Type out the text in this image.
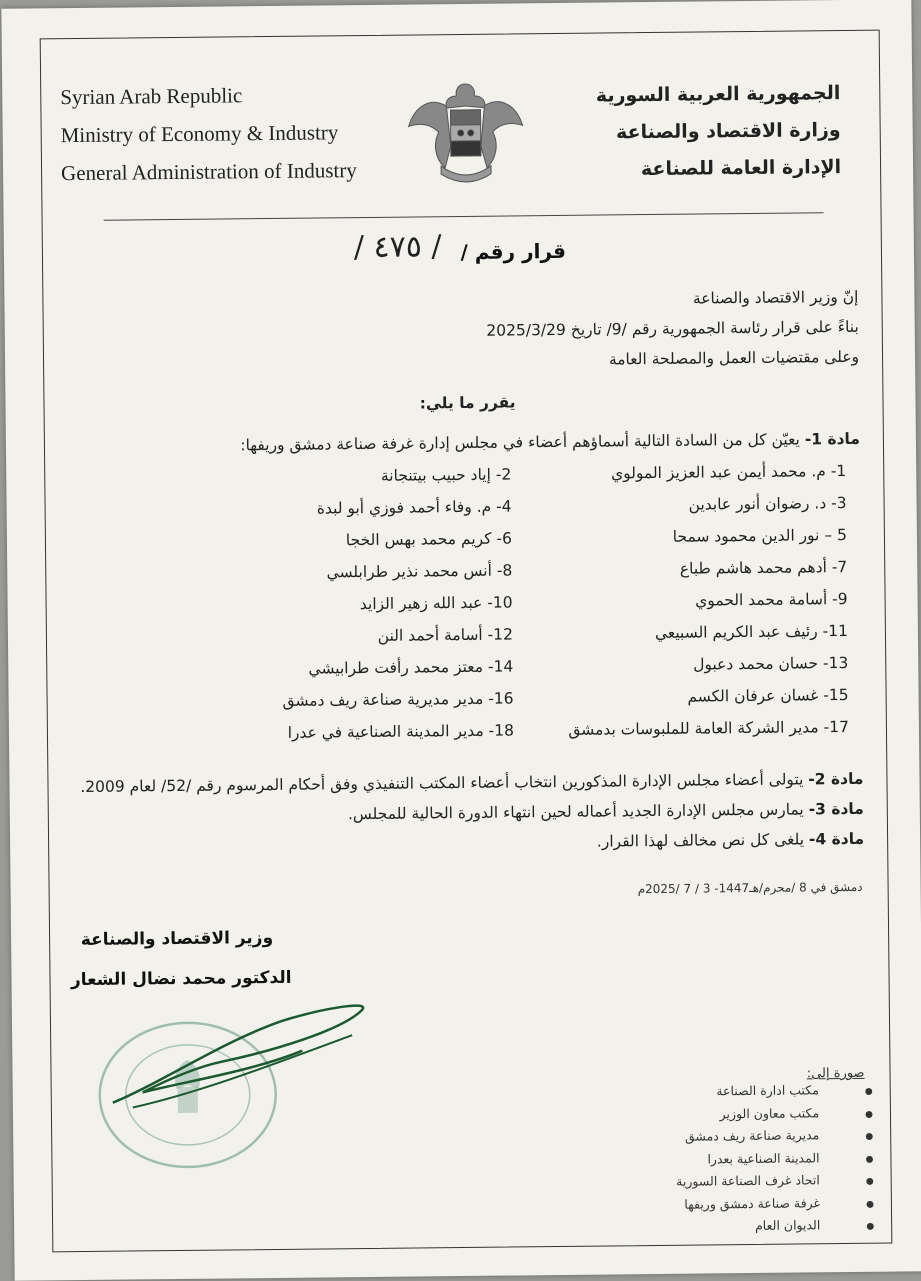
Syrian Arab Republic
Ministry of Economy & Industry
General Administration of Industry
الجمهورية العربية السورية
وزارة الاقتصاد والصناعة
الإدارة العامة للصناعة
قرار رقم /
/ ٤٧٥ /
إنّ وزير الاقتصاد والصناعة
بناءً على قرار رئاسة الجمهورية رقم /9/ تاريخ 2025/3/29
وعلى مقتضيات العمل والمصلحة العامة
يقرر ما يلي:
مادة 1- يعيّن كل من السادة التالية أسماؤهم أعضاء في مجلس إدارة غرفة صناعة دمشق وريفها:
1- م. محمد أيمن عبد العزيز المولوي
3- د. رضوان أنور عابدين
5 – نور الدين محمود سمحا
7- أدهم محمد هاشم طباع
9- أسامة محمد الحموي
11- رئيف عبد الكريم السبيعي
13- حسان محمد دعبول
15- غسان عرفان الكسم
17- مدير الشركة العامة للملبوسات بدمشق
2- إياد حبيب بيتنجانة
4- م. وفاء أحمد فوزي أبو لبدة
6- كريم محمد بهس الخجا
8- أنس محمد نذير طرابلسي
10- عبد الله زهير الزايد
12- أسامة أحمد النن
14- معتز محمد رأفت طرابيشي
16- مدير مديرية صناعة ريف دمشق
18- مدير المدينة الصناعية في عدرا
مادة 2- يتولى أعضاء مجلس الإدارة المذكورين انتخاب أعضاء المكتب التنفيذي وفق أحكام المرسوم رقم /52/ لعام 2009.
مادة 3- يمارس مجلس الإدارة الجديد أعماله لحين انتهاء الدورة الحالية للمجلس.
مادة 4- يلغى كل نص مخالف لهذا القرار.
دمشق في 8 /محرم/هـ1447- 3 / 7 /2025م
وزير الاقتصاد والصناعة
الدكتور محمد نضال الشعار
صورة إلى:
● مكتب ادارة الصناعة
● مكتب معاون الوزير
● مديرية صناعة ريف دمشق
● المدينة الصناعية بعدرا
● اتحاد غرف الصناعة السورية
● غرفة صناعة دمشق وريفها
● الديوان العام
